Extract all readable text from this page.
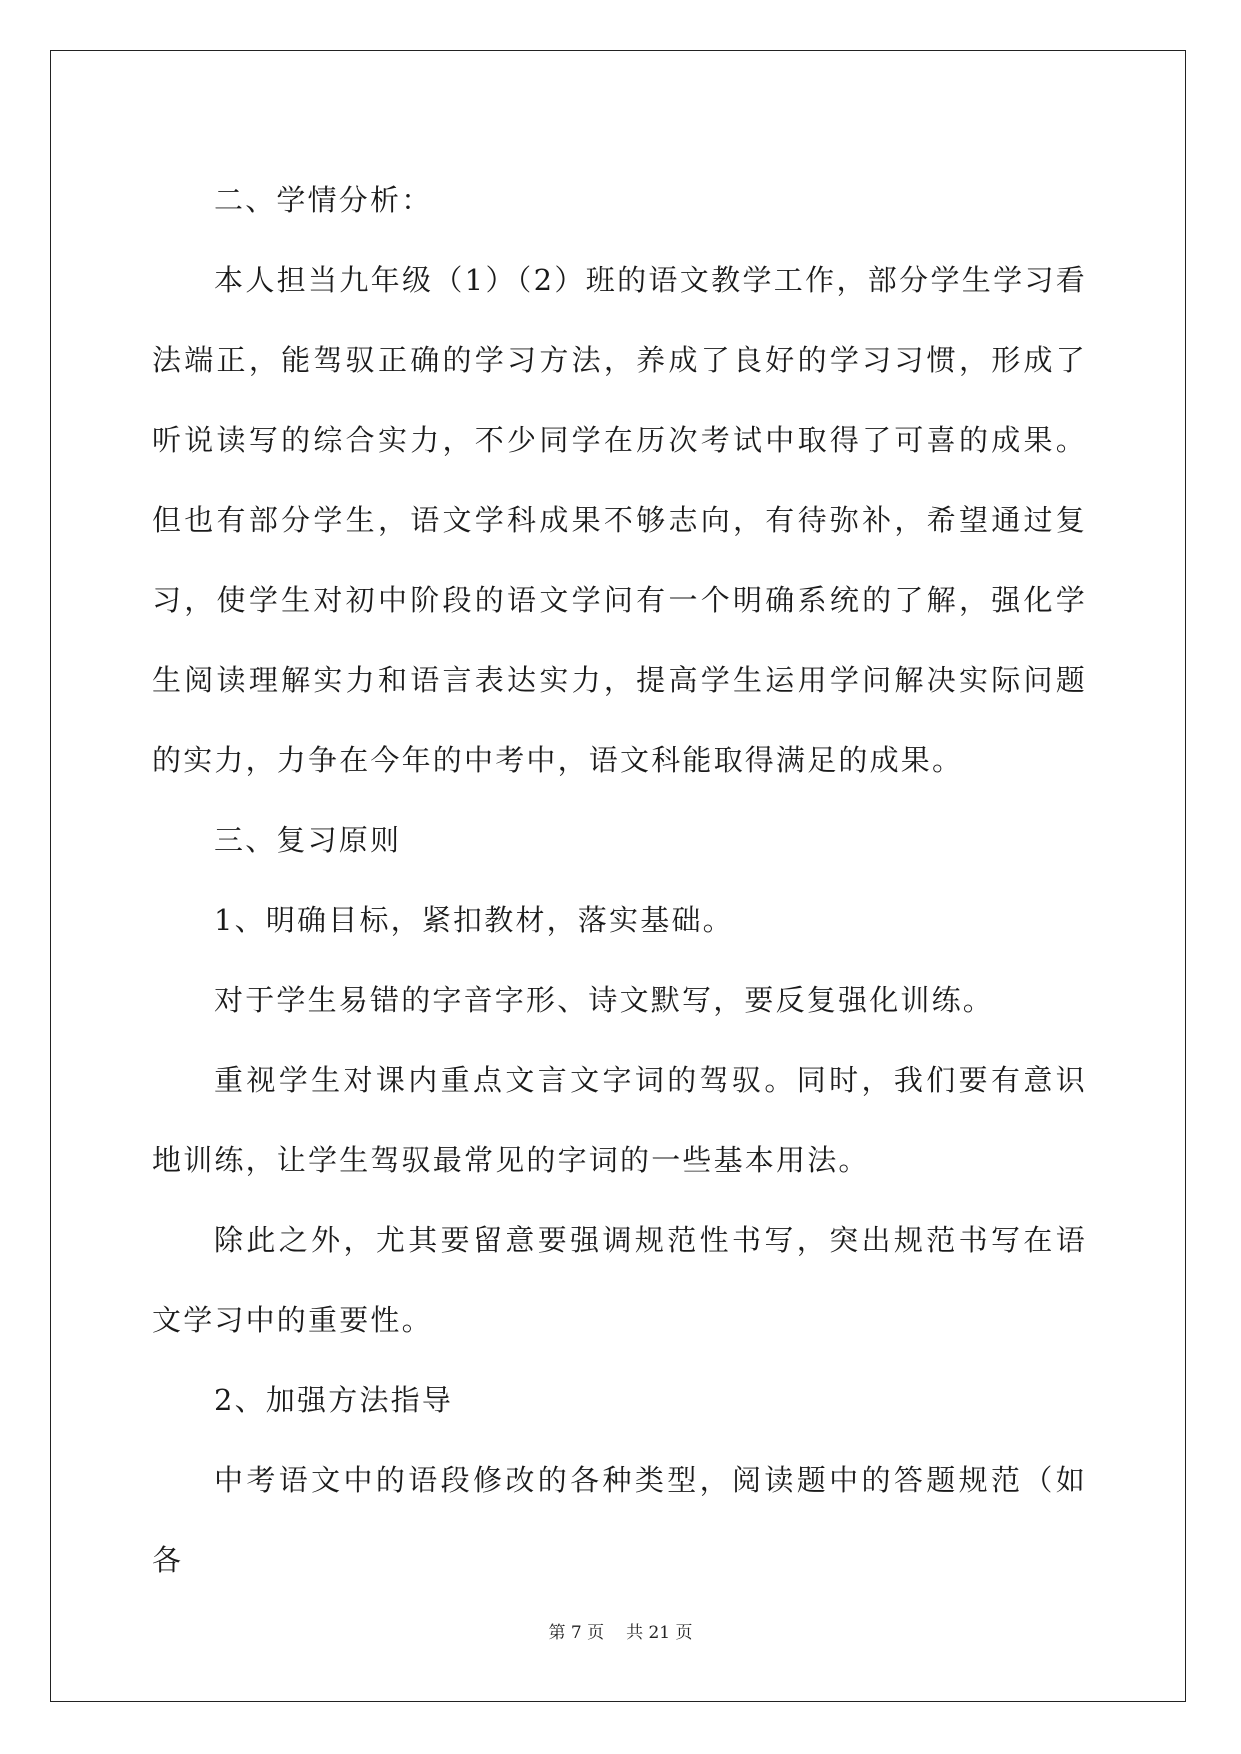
二、学情分析：

本人担当九年级（1）（2）班的语文教学工作，部分学生学习看法端正，能驾驭正确的学习方法，养成了良好的学习习惯，形成了听说读写的综合实力，不少同学在历次考试中取得了可喜的成果。但也有部分学生，语文学科成果不够志向，有待弥补，希望通过复习，使学生对初中阶段的语文学问有一个明确系统的了解，强化学生阅读理解实力和语言表达实力，提高学生运用学问解决实际问题的实力，力争在今年的中考中，语文科能取得满足的成果。

三、复习原则

1、明确目标，紧扣教材，落实基础。

对于学生易错的字音字形、诗文默写，要反复强化训练。

重视学生对课内重点文言文字词的驾驭。同时，我们要有意识地训练，让学生驾驭最常见的字词的一些基本用法。

除此之外，尤其要留意要强调规范性书写，突出规范书写在语文学习中的重要性。

2、加强方法指导

中考语文中的语段修改的各种类型，阅读题中的答题规范（如各

第 7 页 共 21 页
